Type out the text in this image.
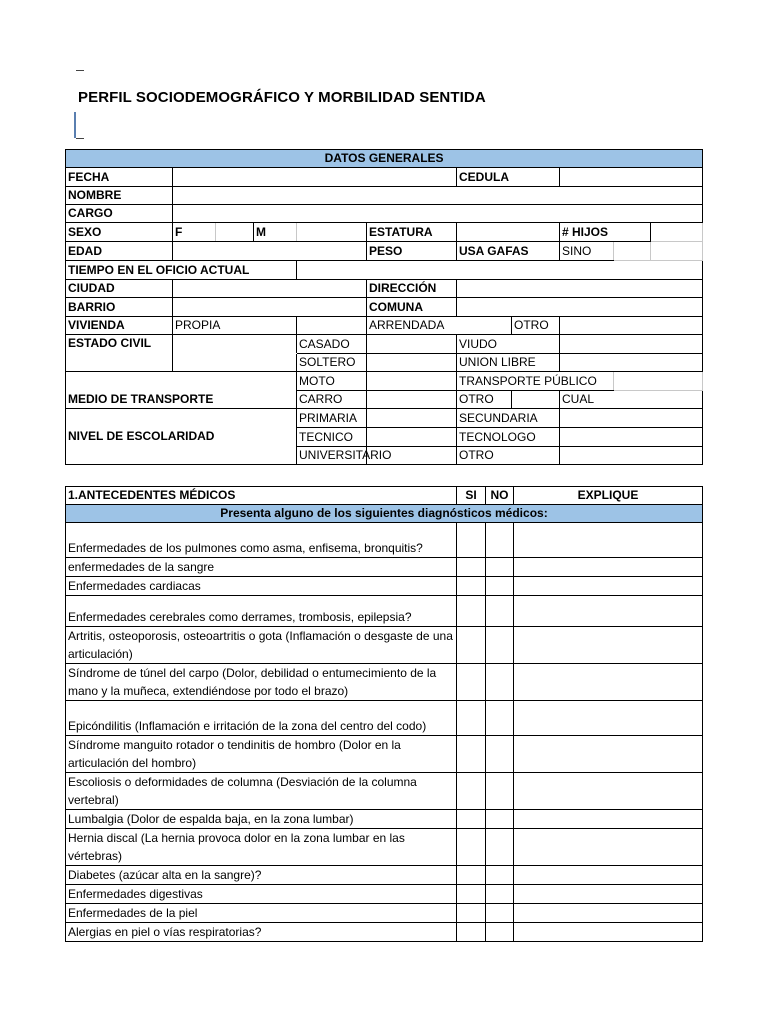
PERFIL SOCIODEMOGRÁFICO Y MORBILIDAD SENTIDA
DATOS GENERALES										
FECHA						CEDULA				
NOMBRE										
CARGO										
SEXO	F		M		ESTATURA			# HIJOS		
EDAD					PESO	USA GAFAS		SINO		
TIEMPO EN EL OFICIO ACTUAL										
CIUDAD					DIRECCIÓN					
BARRIO					COMUNA					
VIVIENDA	PROPIA				ARRENDADA		OTRO			
ESTADO CIVIL				CASADO		VIUDO				
				SOLTERO		UNION LIBRE				
MEDIO DE TRANSPORTE				MOTO		TRANSPORTE PÚBLICO				
				CARRO		OTRO		CUAL		
NIVEL DE ESCOLARIDAD				PRIMARIA		SECUNDARIA				
				TECNICO		TECNOLOGO				
				UNIVERSITARIO		OTRO				
1.ANTECEDENTES MÉDICOS	SI	NO	EXPLIQUE
Presenta alguno de los siguientes diagnósticos médicos:			
Enfermedades de los pulmones como asma, enfisema, bronquitis?			
enfermedades de la sangre			
Enfermedades cardiacas			
Enfermedades cerebrales como derrames, trombosis, epilepsia?			
Artritis, osteoporosis, osteoartritis o gota (Inflamación o desgaste de una articulación)			
Síndrome de túnel del carpo (Dolor, debilidad o entumecimiento de la mano y la muñeca, extendiéndose por todo el brazo)			
Epicóndilitis (Inflamación e irritación de la zona del centro del codo)			
Síndrome manguito rotador o tendinitis de hombro (Dolor en la articulación del hombro)			
Escoliosis o deformidades de columna (Desviación de la columna vertebral)			
Lumbalgia (Dolor de espalda baja, en la zona lumbar)			
Hernia discal (La hernia provoca dolor en la zona lumbar en las vértebras)			
Diabetes (azúcar alta en la sangre)?			
Enfermedades digestivas			
Enfermedades de la piel			
Alergias en piel o vías respiratorias?			
